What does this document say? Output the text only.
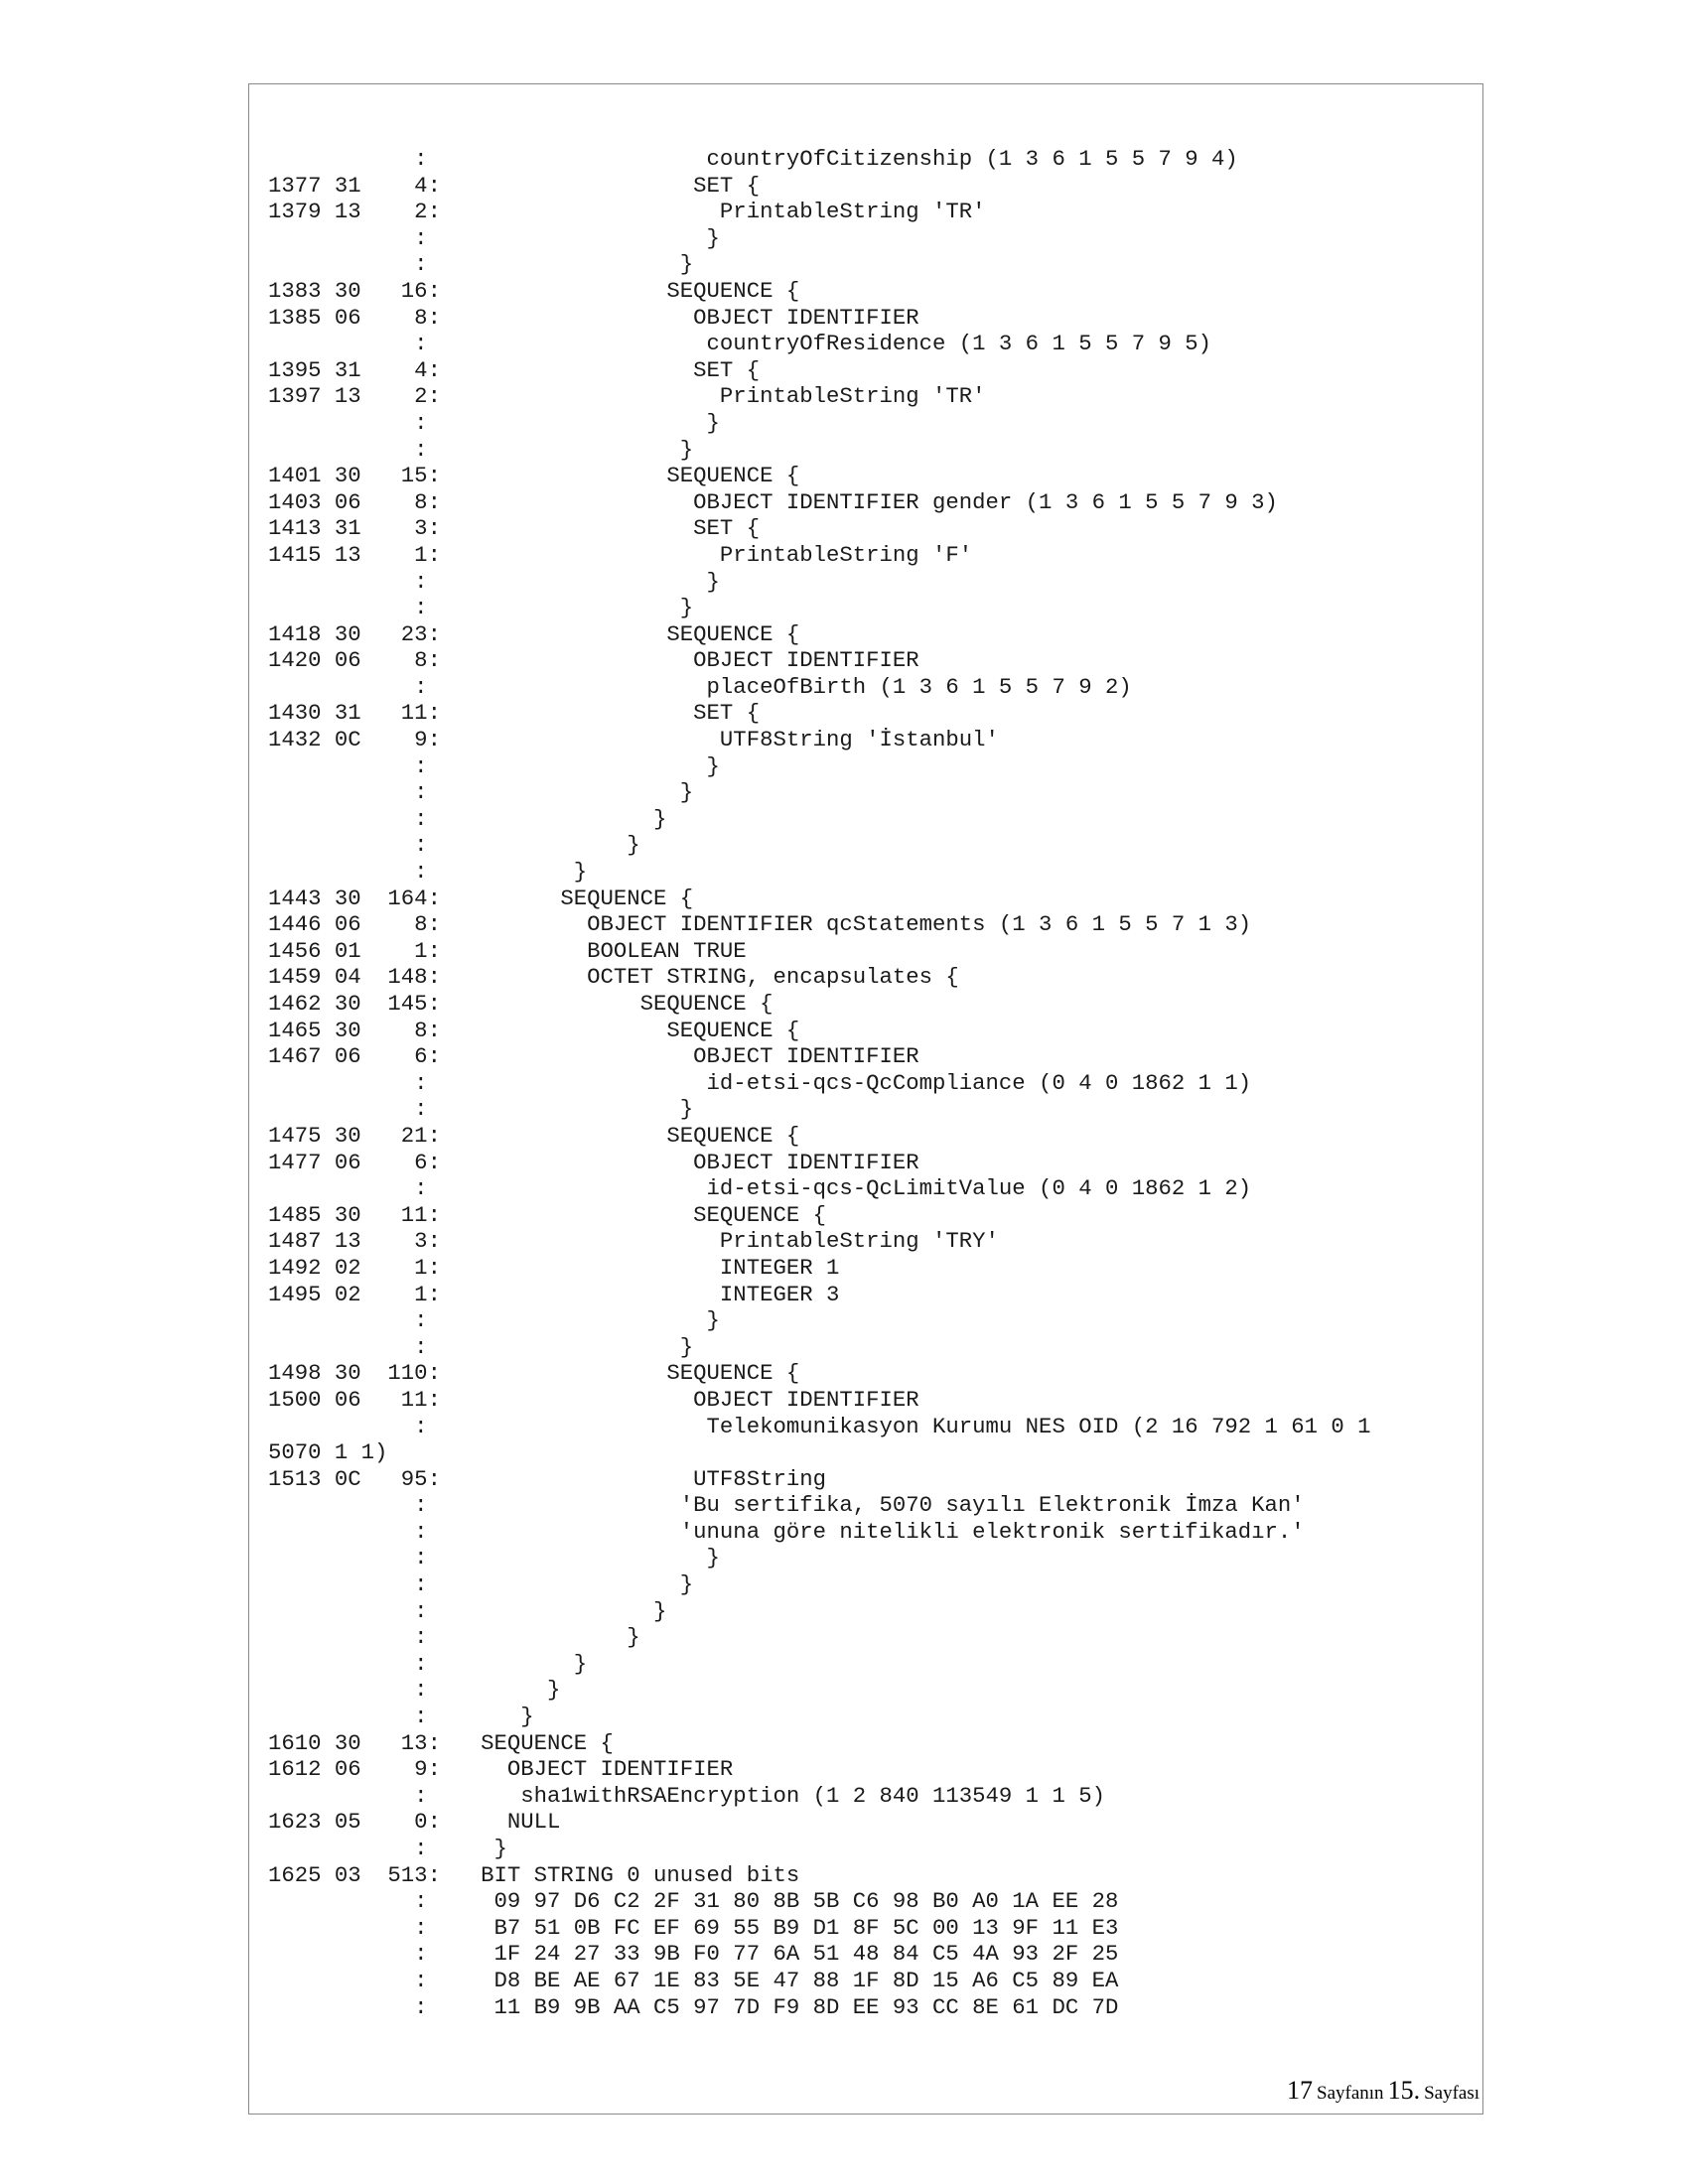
:                     countryOfCitizenship (1 3 6 1 5 5 7 9 4)
1377 31    4:                   SET {
1379 13    2:                     PrintableString 'TR'
:                     }
:                   }
1383 30   16:                 SEQUENCE {
1385 06    8:                   OBJECT IDENTIFIER
:                     countryOfResidence (1 3 6 1 5 5 7 9 5)
1395 31    4:                   SET {
1397 13    2:                     PrintableString 'TR'
:                     }
:                   }
1401 30   15:                 SEQUENCE {
1403 06    8:                   OBJECT IDENTIFIER gender (1 3 6 1 5 5 7 9 3)
1413 31    3:                   SET {
1415 13    1:                     PrintableString 'F'
:                     }
:                   }
1418 30   23:                 SEQUENCE {
1420 06    8:                   OBJECT IDENTIFIER
:                     placeOfBirth (1 3 6 1 5 5 7 9 2)
1430 31   11:                   SET {
1432 0C    9:                     UTF8String 'İstanbul'
:                     }
:                   }
:                 }
:               }
:           }
1443 30  164:         SEQUENCE {
1446 06    8:           OBJECT IDENTIFIER qcStatements (1 3 6 1 5 5 7 1 3)
1456 01    1:           BOOLEAN TRUE
1459 04  148:           OCTET STRING, encapsulates {
1462 30  145:               SEQUENCE {
1465 30    8:                 SEQUENCE {
1467 06    6:                   OBJECT IDENTIFIER
:                     id-etsi-qcs-QcCompliance (0 4 0 1862 1 1)
:                   }
1475 30   21:                 SEQUENCE {
1477 06    6:                   OBJECT IDENTIFIER
:                     id-etsi-qcs-QcLimitValue (0 4 0 1862 1 2)
1485 30   11:                   SEQUENCE {
1487 13    3:                     PrintableString 'TRY'
1492 02    1:                     INTEGER 1
1495 02    1:                     INTEGER 3
:                     }
:                   }
1498 30  110:                 SEQUENCE {
1500 06   11:                   OBJECT IDENTIFIER
:                     Telekomunikasyon Kurumu NES OID (2 16 792 1 61 0 1
5070 1 1)
1513 0C   95:                   UTF8String
:                   'Bu sertifika, 5070 sayılı Elektronik İmza Kan'
:                   'ununa göre nitelikli elektronik sertifikadır.'
:                     }
:                   }
:                 }
:               }
:           }
:         }
:       }
1610 30   13:   SEQUENCE {
1612 06    9:     OBJECT IDENTIFIER
:       sha1withRSAEncryption (1 2 840 113549 1 1 5)
1623 05    0:     NULL
:     }
1625 03  513:   BIT STRING 0 unused bits
:     09 97 D6 C2 2F 31 80 8B 5B C6 98 B0 A0 1A EE 28
:     B7 51 0B FC EF 69 55 B9 D1 8F 5C 00 13 9F 11 E3
:     1F 24 27 33 9B F0 77 6A 51 48 84 C5 4A 93 2F 25
:     D8 BE AE 67 1E 83 5E 47 88 1F 8D 15 A6 C5 89 EA
:     11 B9 9B AA C5 97 7D F9 8D EE 93 CC 8E 61 DC 7D
17 Sayfanın 15. Sayfası
